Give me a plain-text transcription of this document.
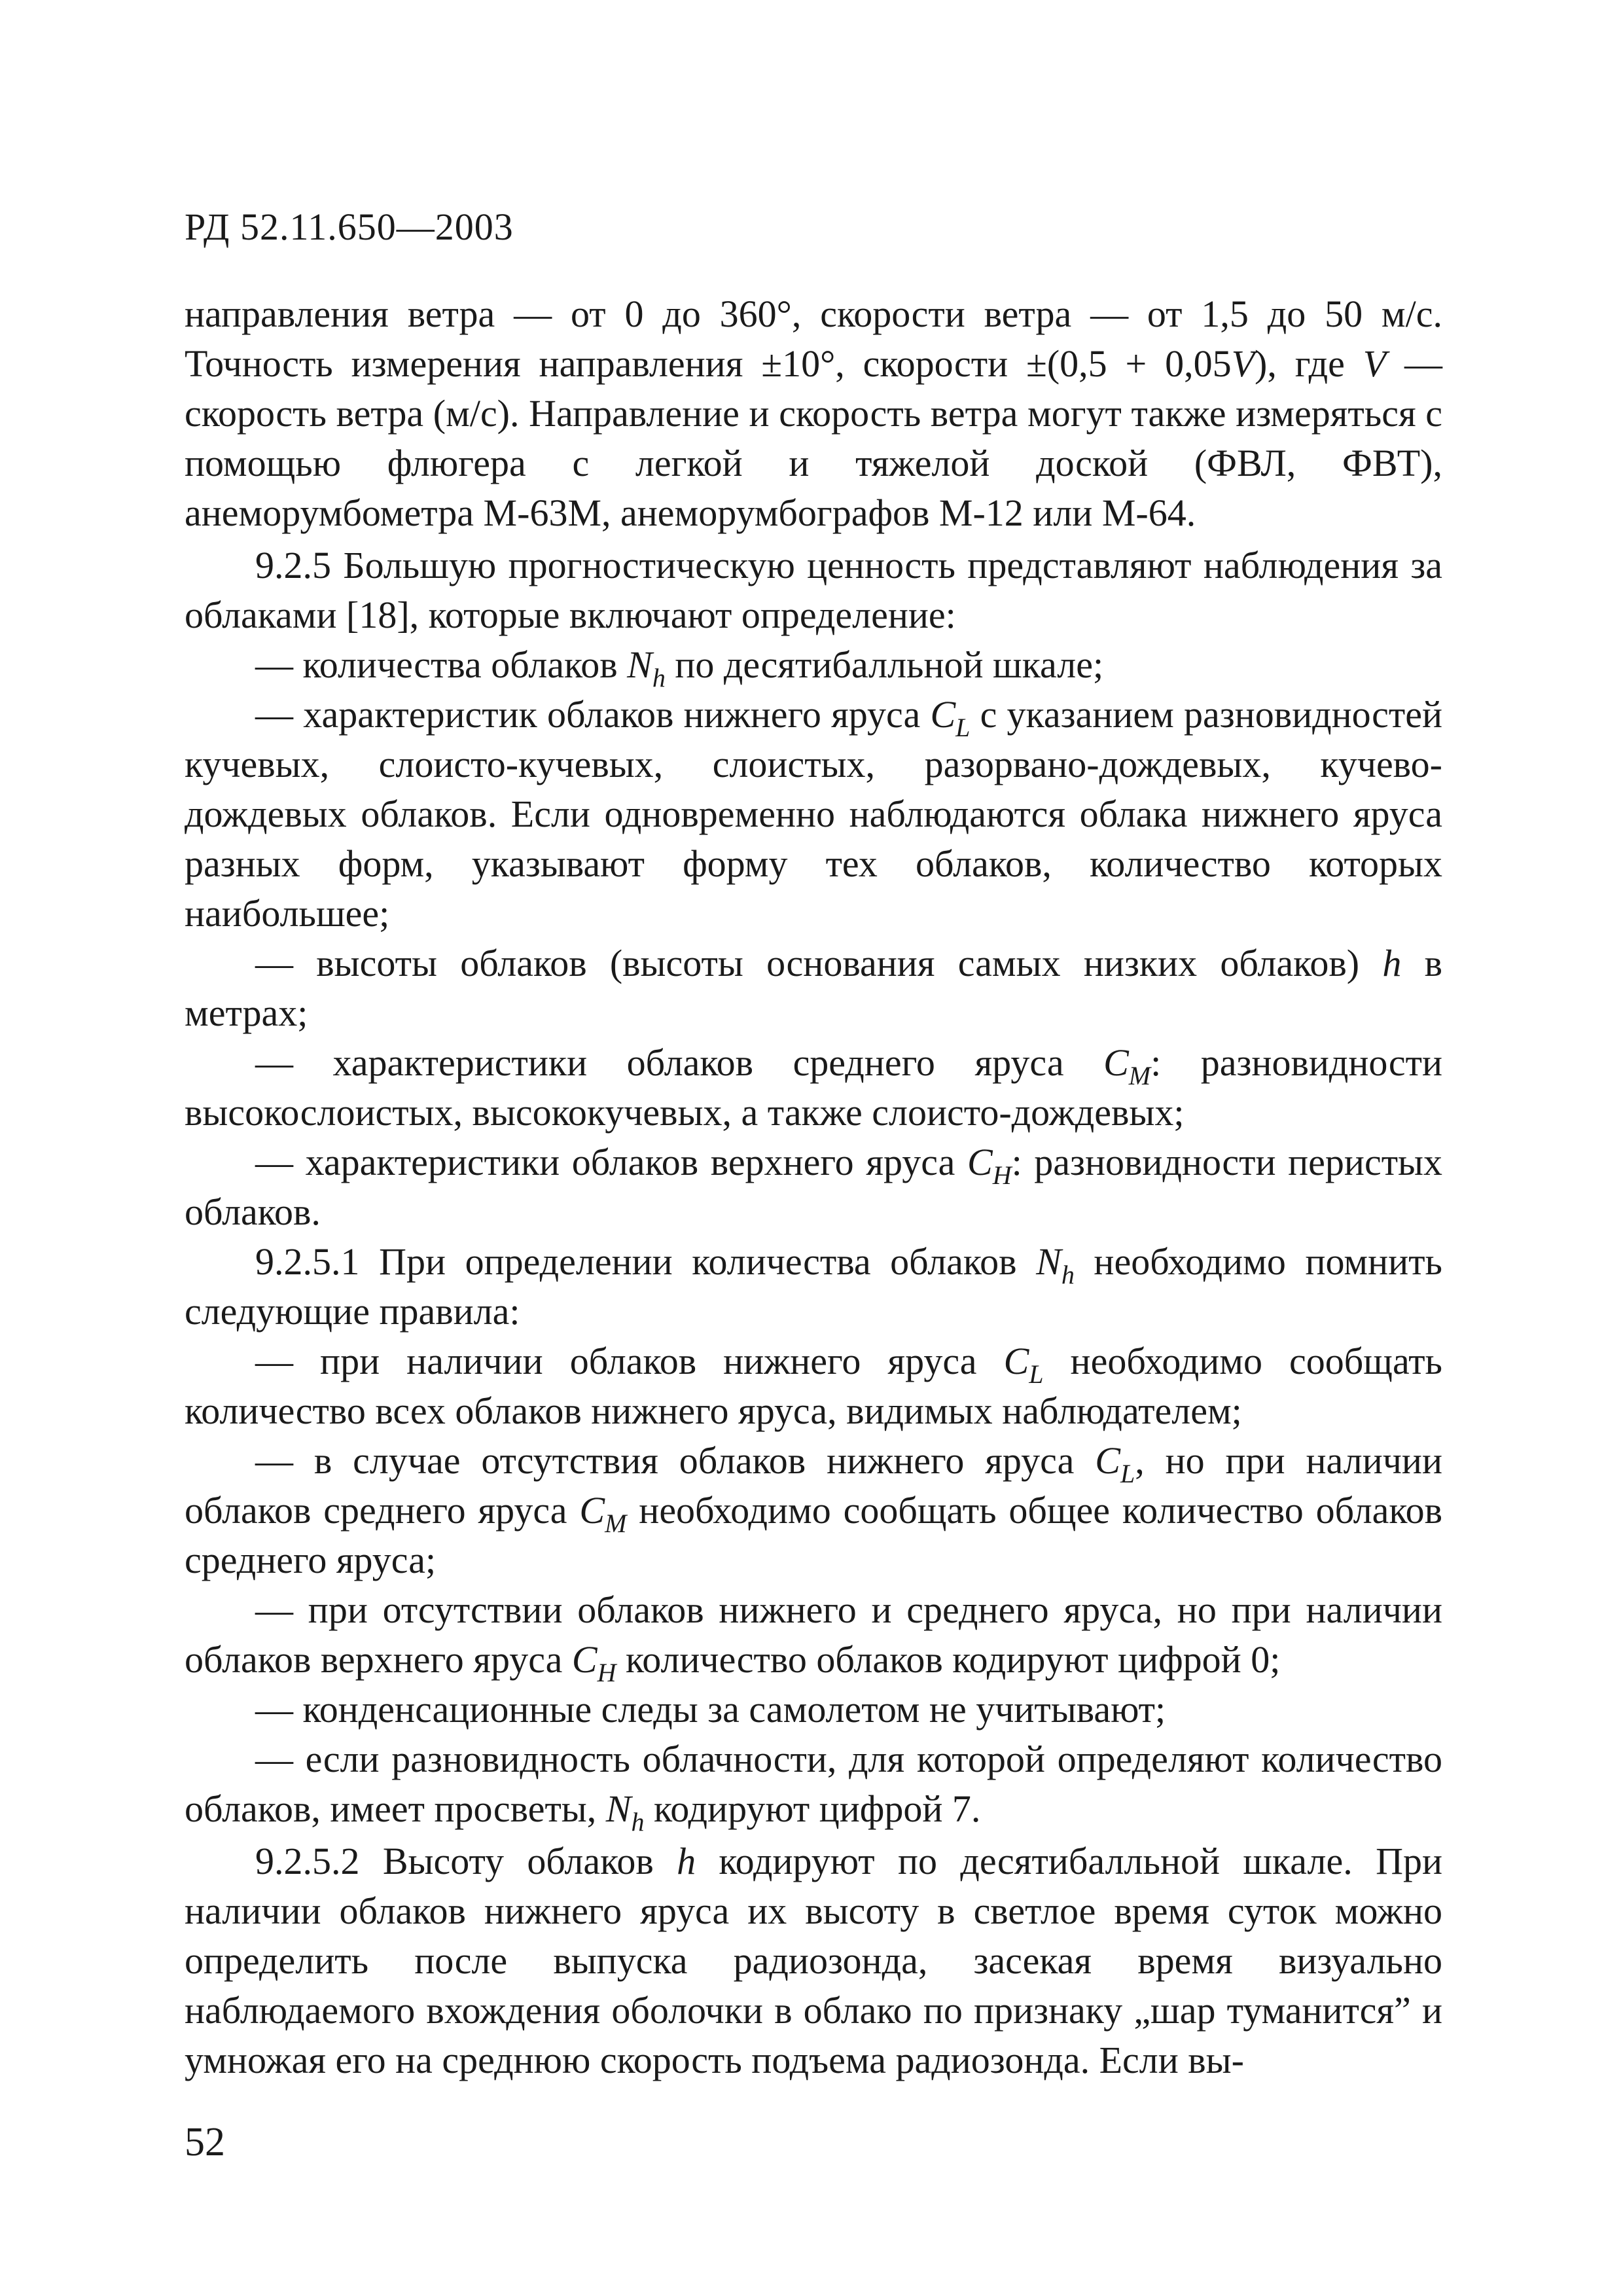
РД 52.11.650—2003

направления ветра — от 0 до 360°, скорости ветра — от 1,5 до 50 м/с. Точность измерения направления ±10°, скорости ±(0,5 + 0,05V), где V — скорость ветра (м/с). Направление и скорость ветра могут также измеряться с помощью флюгера с легкой и тяжелой доской (ФВЛ, ФВТ), анеморумбометра М-63М, анеморумбографов М-12 или М-64.

9.2.5 Большую прогностическую ценность представляют наблюдения за облаками [18], которые включают определение:

— количества облаков $N_h$ по десятибалльной шкале;

— характеристик облаков нижнего яруса $C_L$ с указанием разновидностей кучевых, слоисто-кучевых, слоистых, разорвано-дождевых, кучево-дождевых облаков. Если одновременно наблюдаются облака нижнего яруса разных форм, указывают форму тех облаков, количество которых наибольшее;

— высоты облаков (высоты основания самых низких облаков) h в метрах;

— характеристики облаков среднего яруса $C_M$: разновидности высокослоистых, высококучевых, а также слоисто-дождевых;

— характеристики облаков верхнего яруса $C_H$: разновидности перистых облаков.

9.2.5.1 При определении количества облаков $N_h$ необходимо помнить следующие правила:

— при наличии облаков нижнего яруса $C_L$ необходимо сообщать количество всех облаков нижнего яруса, видимых наблюдателем;

— в случае отсутствия облаков нижнего яруса $C_L$, но при наличии облаков среднего яруса $C_M$ необходимо сообщать общее количество облаков среднего яруса;

— при отсутствии облаков нижнего и среднего яруса, но при наличии облаков верхнего яруса $C_H$ количество облаков кодируют цифрой 0;

— конденсационные следы за самолетом не учитывают;

— если разновидность облачности, для которой определяют количество облаков, имеет просветы, $N_h$ кодируют цифрой 7.

9.2.5.2 Высоту облаков h кодируют по десятибалльной шкале. При наличии облаков нижнего яруса их высоту в светлое время суток можно определить после выпуска радиозонда, засекая время визуально наблюдаемого вхождения оболочки в облако по признаку „шар туманится” и умножая его на среднюю скорость подъема радиозонда. Если вы-

52
